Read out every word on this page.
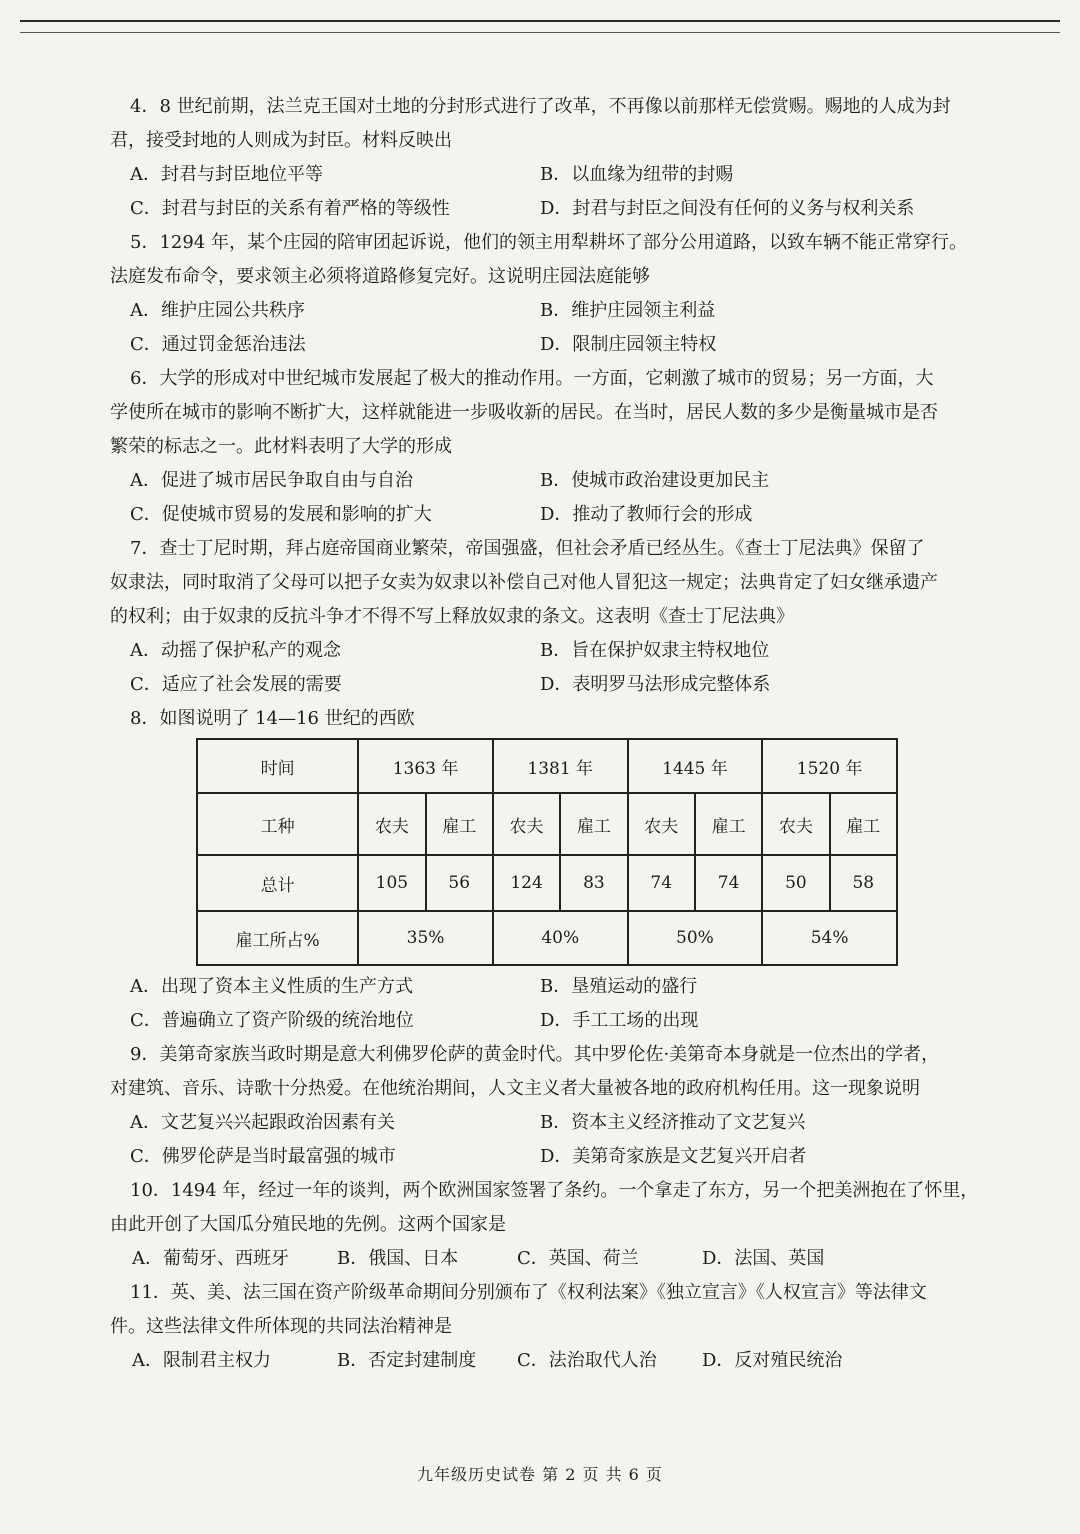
4．8 世纪前期，法兰克王国对土地的分封形式进行了改革，不再像以前那样无偿赏赐。赐地的人成为封

君，接受封地的人则成为封臣。材料反映出

A．封君与封臣地位平等	B．以血缘为纽带的封赐
C．封君与封臣的关系有着严格的等级性	D．封君与封臣之间没有任何的义务与权利关系

5．1294 年，某个庄园的陪审团起诉说，他们的领主用犁耕坏了部分公用道路，以致车辆不能正常穿行。

法庭发布命令，要求领主必须将道路修复完好。这说明庄园法庭能够

A．维护庄园公共秩序	B．维护庄园领主利益
C．通过罚金惩治违法	D．限制庄园领主特权

6．大学的形成对中世纪城市发展起了极大的推动作用。一方面，它刺激了城市的贸易；另一方面，大

学使所在城市的影响不断扩大，这样就能进一步吸收新的居民。在当时，居民人数的多少是衡量城市是否

繁荣的标志之一。此材料表明了大学的形成

A．促进了城市居民争取自由与自治	B．使城市政治建设更加民主
C．促使城市贸易的发展和影响的扩大	D．推动了教师行会的形成

7．查士丁尼时期，拜占庭帝国商业繁荣，帝国强盛，但社会矛盾已经丛生。《查士丁尼法典》保留了

奴隶法，同时取消了父母可以把子女卖为奴隶以补偿自己对他人冒犯这一规定；法典肯定了妇女继承遗产

的权利；由于奴隶的反抗斗争才不得不写上释放奴隶的条文。这表明《查士丁尼法典》

A．动摇了保护私产的观念	B．旨在保护奴隶主特权地位
C．适应了社会发展的需要	D．表明罗马法形成完整体系

8．如图说明了 14—16 世纪的西欧

时间	1363 年		1381 年		1445 年		1520 年	
工种	农夫	雇工	农夫	雇工	农夫	雇工	农夫	雇工
总计	105	56	124	83	74	74	50	58
雇工所占%	35%		40%		50%		54%	
A．出现了资本主义性质的生产方式	B．垦殖运动的盛行
C．普遍确立了资产阶级的统治地位	D．手工工场的出现

9．美第奇家族当政时期是意大利佛罗伦萨的黄金时代。其中罗伦佐·美第奇本身就是一位杰出的学者，

对建筑、音乐、诗歌十分热爱。在他统治期间，人文主义者大量被各地的政府机构任用。这一现象说明

A．文艺复兴兴起跟政治因素有关	B．资本主义经济推动了文艺复兴
C．佛罗伦萨是当时最富强的城市	D．美第奇家族是文艺复兴开启者

10．1494 年，经过一年的谈判，两个欧洲国家签署了条约。一个拿走了东方，另一个把美洲抱在了怀里，

由此开创了大国瓜分殖民地的先例。这两个国家是

A．葡萄牙、西班牙	B．俄国、日本	C．英国、荷兰	D．法国、英国

11．英、美、法三国在资产阶级革命期间分别颁布了《权利法案》《独立宣言》《人权宣言》等法律文

件。这些法律文件所体现的共同法治精神是

A．限制君主权力	B．否定封建制度	C．法治取代人治	D．反对殖民统治
九年级历史试卷 第 2 页 共 6 页
